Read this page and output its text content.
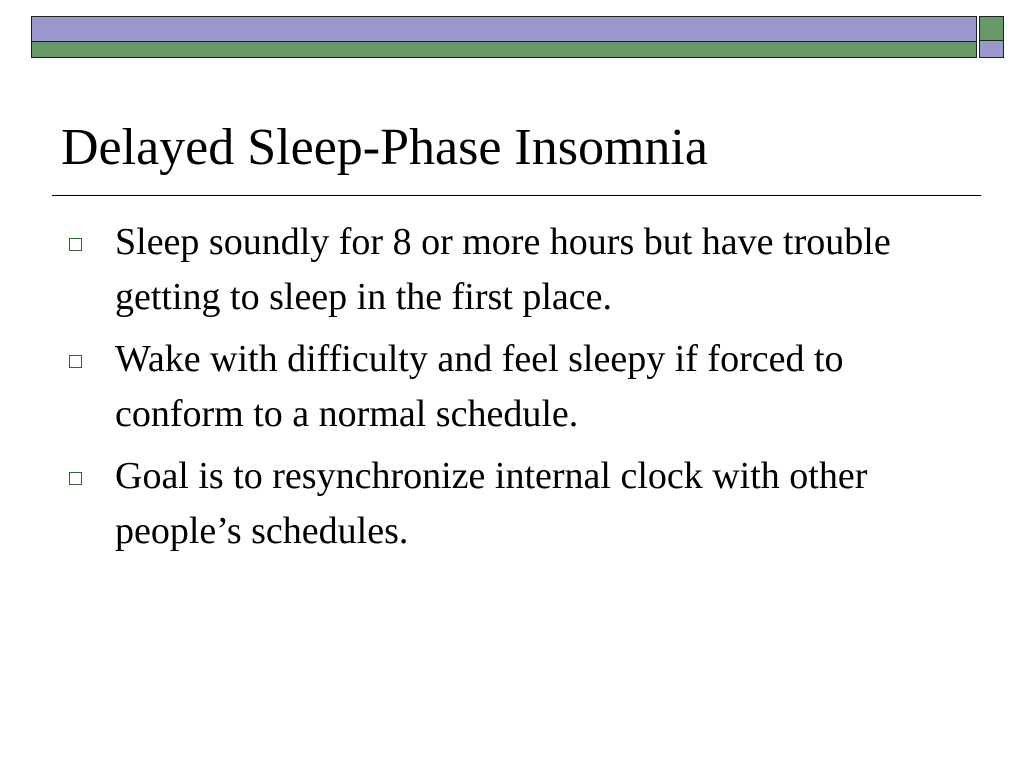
Delayed Sleep-Phase Insomnia
Sleep soundly for 8 or more hours but have trouble getting to sleep in the first place.
Wake with difficulty and feel sleepy if forced to conform to a normal schedule.
Goal is to resynchronize internal clock with other people’s schedules.
